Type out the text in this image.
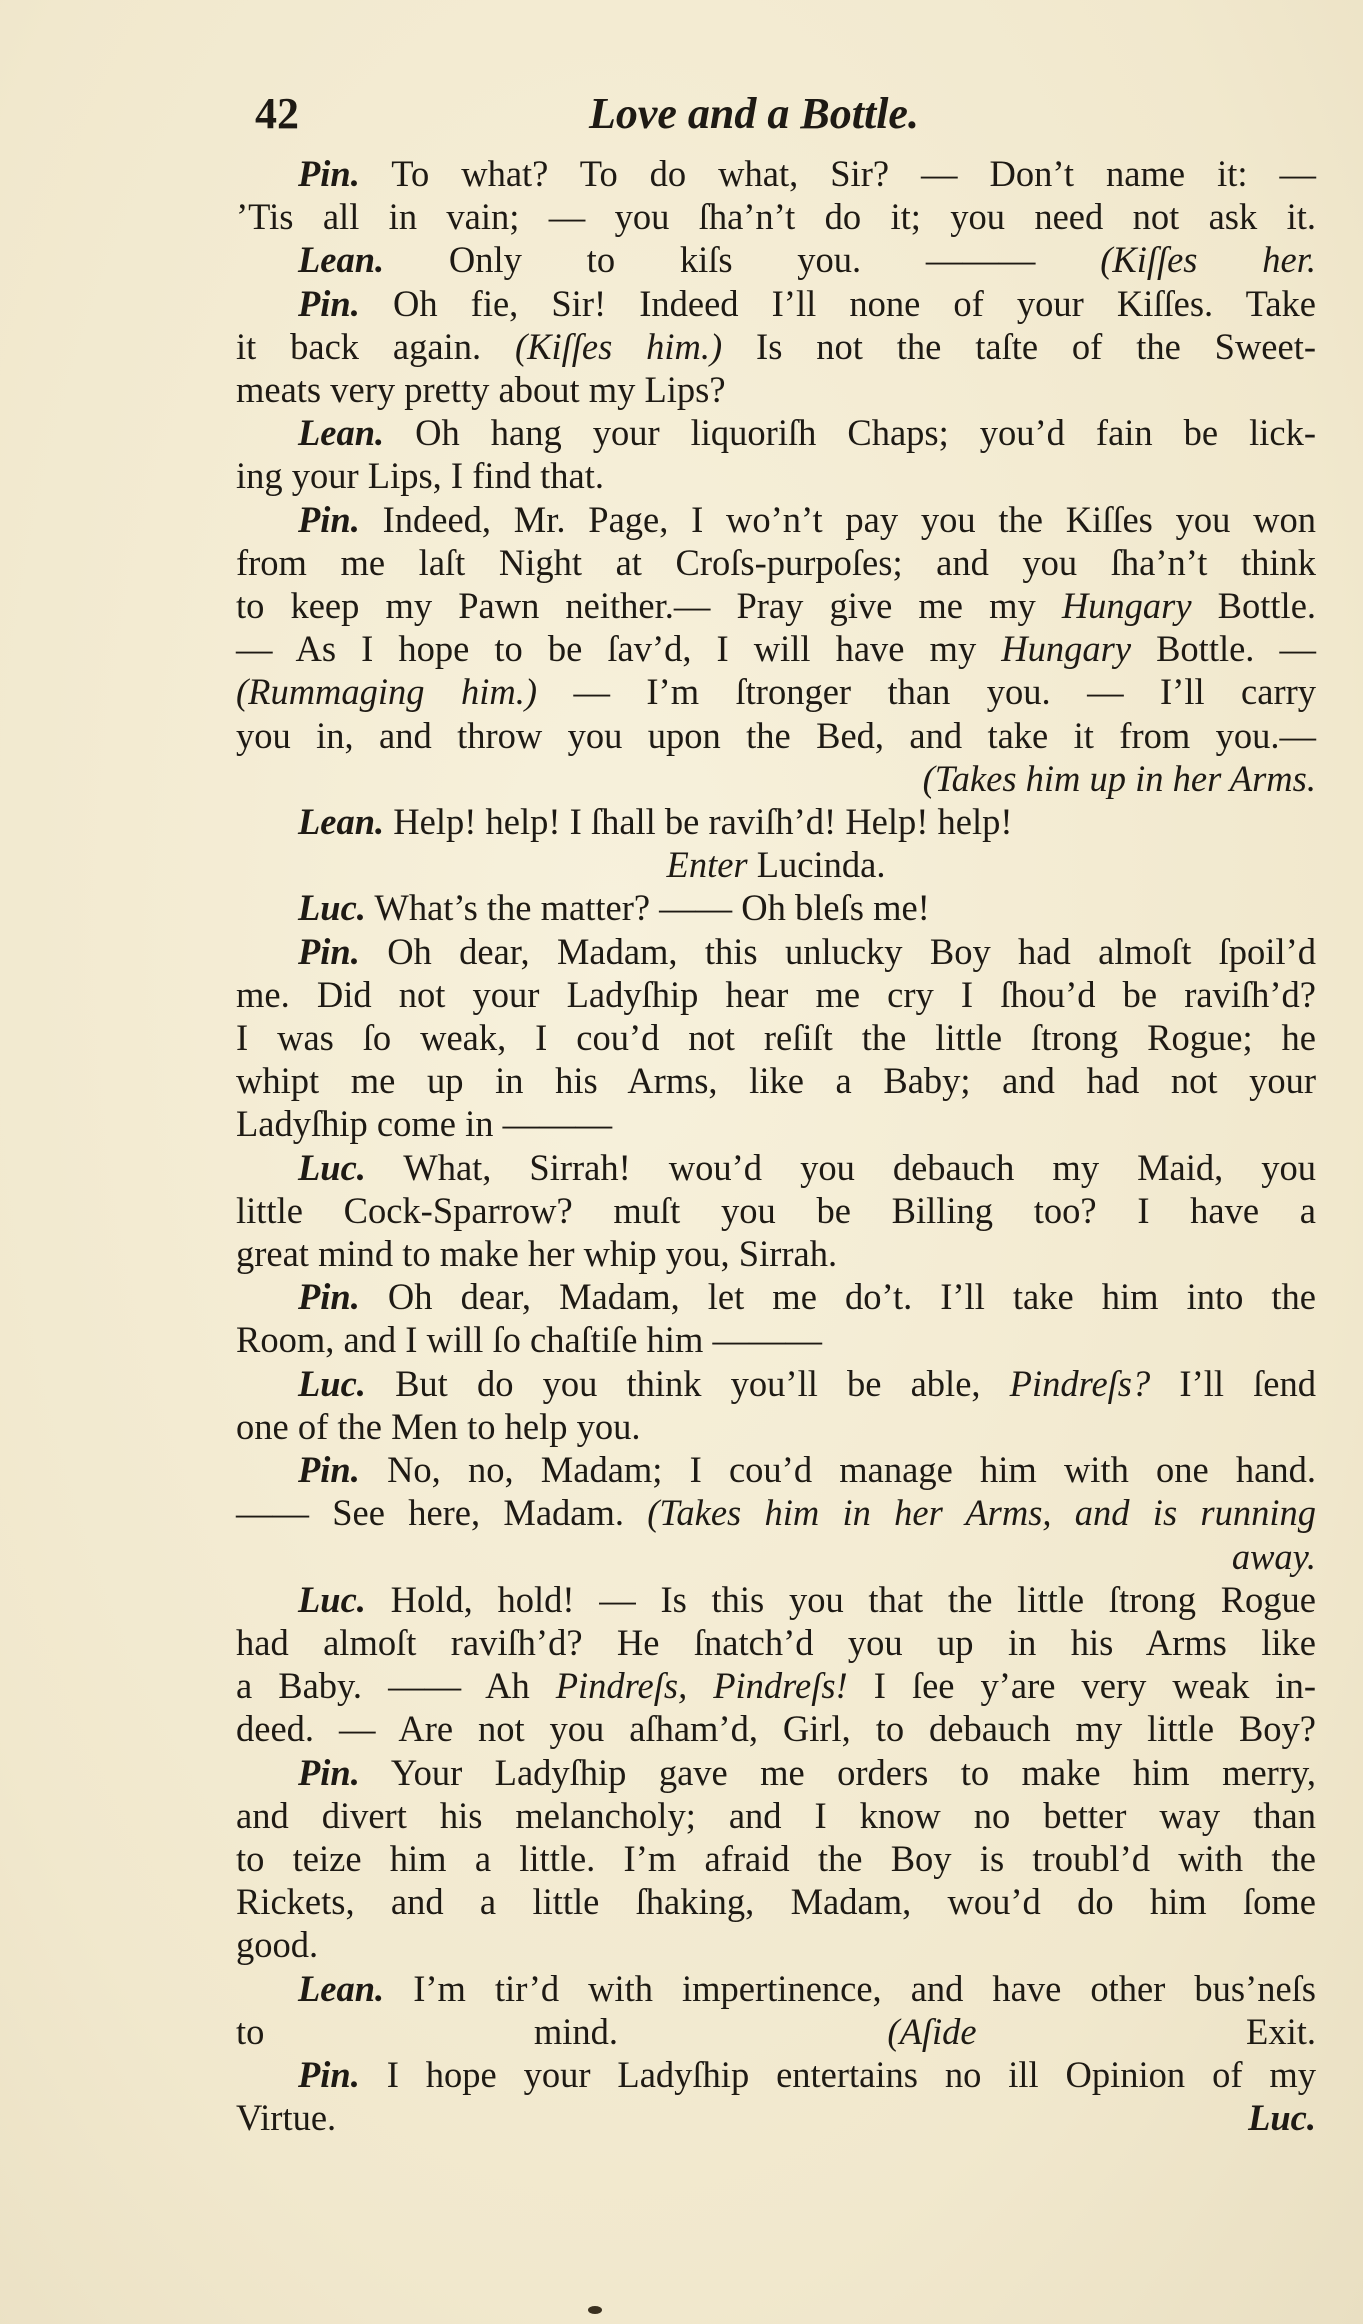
42	Love and a Bottle.
Pin. To what? To do what, Sir? — Don’t name it: —
’Tis all in vain; — you ſha’n’t do it; you need not ask it.
Lean. Only to kiſs you. ——— (Kiſſes her.
Pin. Oh fie, Sir! Indeed I’ll none of your Kiſſes. Take
it back again. (Kiſſes him.) Is not the taſte of the Sweet-
meats very pretty about my Lips?
Lean. Oh hang your liquoriſh Chaps; you’d fain be lick-
ing your Lips, I find that.
Pin. Indeed, Mr. Page, I wo’n’t pay you the Kiſſes you won
from me laſt Night at Croſs-purpoſes; and you ſha’n’t think
to keep my Pawn neither.— Pray give me my Hungary Bottle.
— As I hope to be ſav’d, I will have my Hungary Bottle. —
(Rummaging him.) — I’m ſtronger than you. — I’ll carry
you in, and throw you upon the Bed, and take it from you.—
(Takes him up in her Arms.
Lean. Help! help! I ſhall be raviſh’d! Help! help!
Enter Lucinda.
Luc. What’s the matter? —— Oh bleſs me!
Pin. Oh dear, Madam, this unlucky Boy had almoſt ſpoil’d
me. Did not your Ladyſhip hear me cry I ſhou’d be raviſh’d?
I was ſo weak, I cou’d not reſiſt the little ſtrong Rogue; he
whipt me up in his Arms, like a Baby; and had not your
Ladyſhip come in ———
Luc. What, Sirrah! wou’d you debauch my Maid, you
little Cock-Sparrow? muſt you be Billing too? I have a
great mind to make her whip you, Sirrah.
Pin. Oh dear, Madam, let me do’t. I’ll take him into the
Room, and I will ſo chaſtiſe him ———
Luc. But do you think you’ll be able, Pindreſs? I’ll ſend
one of the Men to help you.
Pin. No, no, Madam; I cou’d manage him with one hand.
—— See here, Madam. (Takes him in her Arms, and is running
away.
Luc. Hold, hold! — Is this you that the little ſtrong Rogue
had almoſt raviſh’d? He ſnatch’d you up in his Arms like
a Baby. —— Ah Pindreſs, Pindreſs! I ſee y’are very weak in-
deed. — Are not you aſham’d, Girl, to debauch my little Boy?
Pin. Your Ladyſhip gave me orders to make him merry,
and divert his melancholy; and I know no better way than
to teize him a little. I’m afraid the Boy is troubl’d with the
Rickets, and a little ſhaking, Madam, wou’d do him ſome
good.
Lean. I’m tir’d with impertinence, and have other bus’neſs
to mind. (Aſide Exit.
Pin. I hope your Ladyſhip entertains no ill Opinion of my
Virtue. Luc.
